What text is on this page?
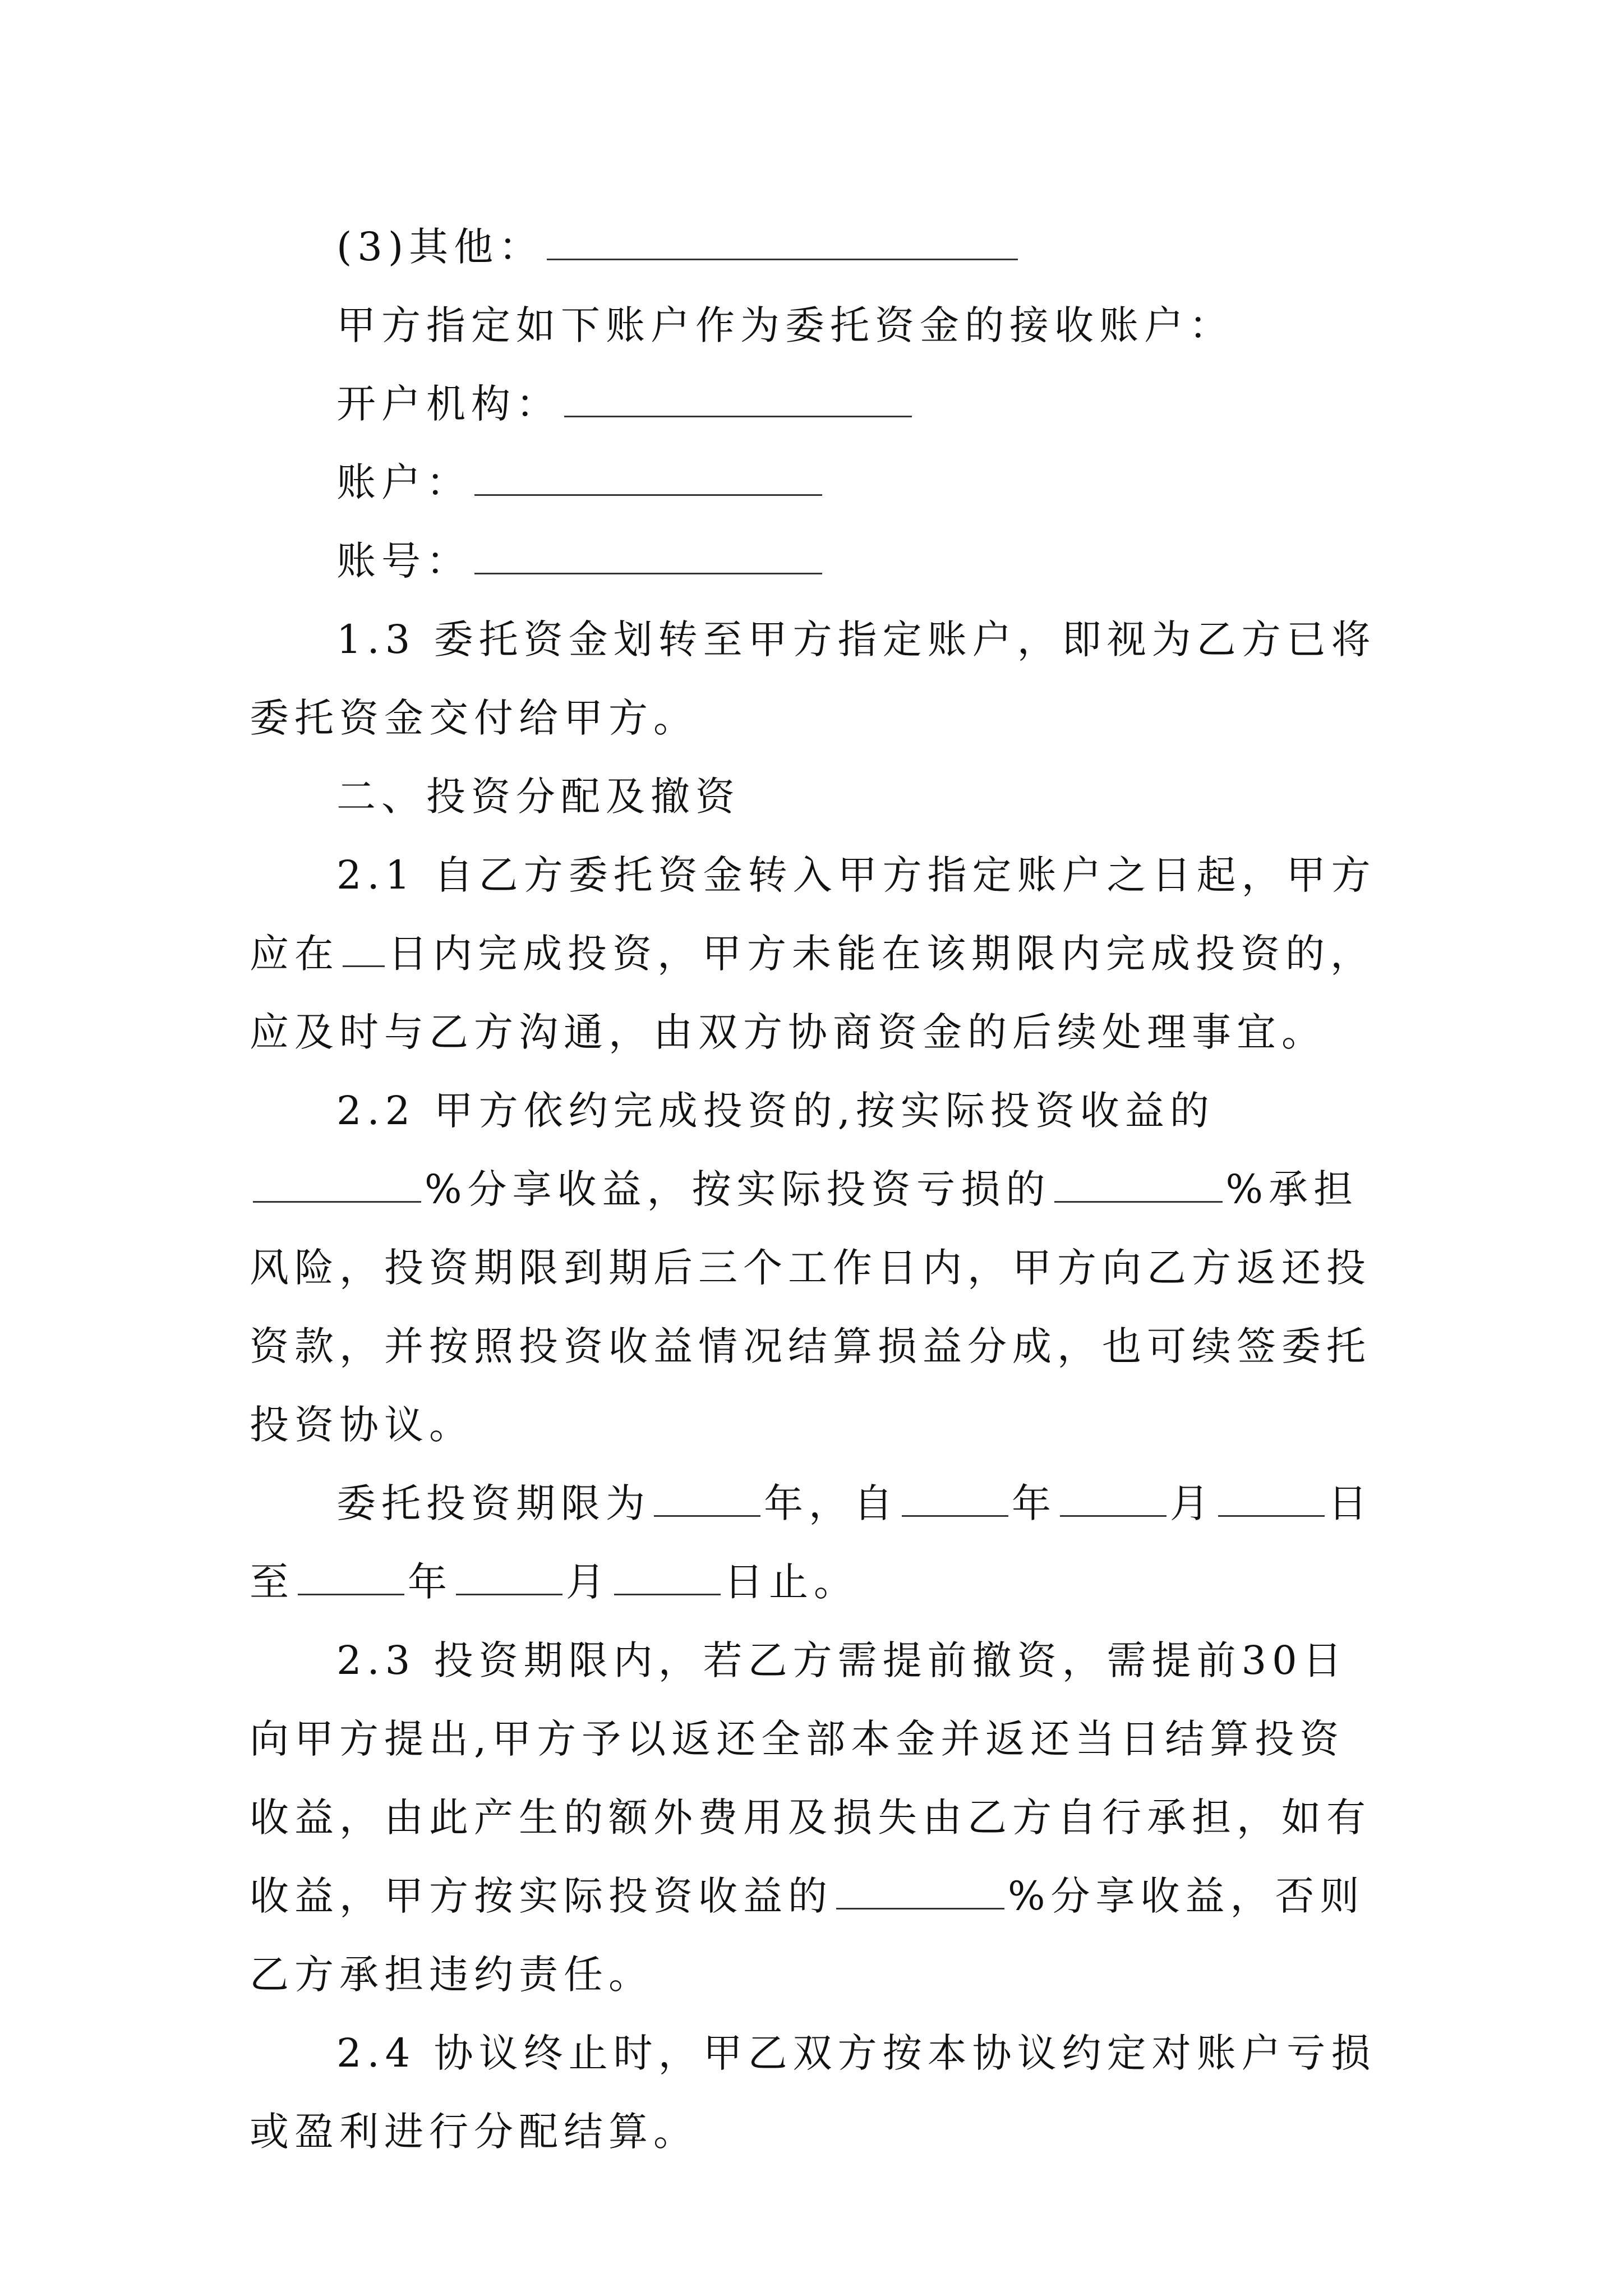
(3)其他：

甲方指定如下账户作为委托资金的接收账户：

开户机构：

账户：

账号：

1.3 委托资金划转至甲方指定账户，即视为乙方已将委托资金交付给甲方。

二、投资分配及撤资

2.1 自乙方委托资金转入甲方指定账户之日起，甲方应在 日内完成投资，甲方未能在该期限内完成投资的，应及时与乙方沟通，由双方协商资金的后续处理事宜。

2.2 甲方依约完成投资的,按实际投资收益的%分享收益，按实际投资亏损的	%承担风险，投资期限到期后三个工作日内，甲方向乙方返还投资款，并按照投资收益情况结算损益分成，也可续签委托投资协议。

委托投资期限为	年，自	年	月	日至	年	月	日止。

2.3 投资期限内，若乙方需提前撤资，需提前30日向甲方提出,甲方予以返还全部本金并返还当日结算投资收益，由此产生的额外费用及损失由乙方自行承担，如有收益，甲方按实际投资收益的	%分享收益，否则乙方承担违约责任。

2.4 协议终止时，甲乙双方按本协议约定对账户亏损或盈利进行分配结算。
